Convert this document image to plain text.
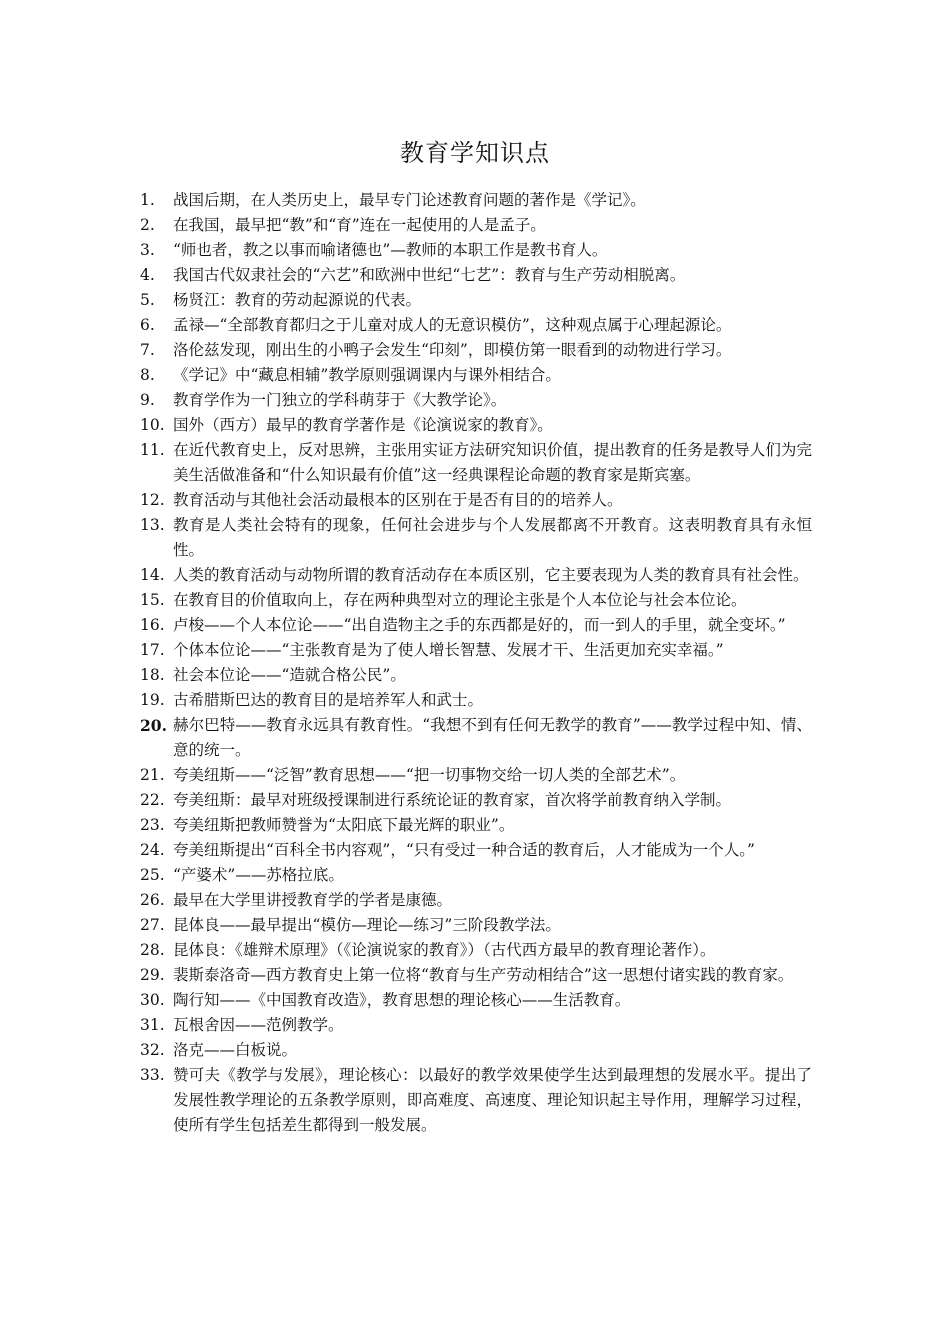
教育学知识点
1.	战国后期，在人类历史上，最早专门论述教育问题的著作是《学记》。
2.	在我国，最早把“教”和“育”连在一起使用的人是孟子。
3.	“师也者，教之以事而喻诸德也”—教师的本职工作是教书育人。
4.	我国古代奴隶社会的“六艺”和欧洲中世纪“七艺”：教育与生产劳动相脱离。
5.	杨贤江：教育的劳动起源说的代表。
6.	孟禄—“全部教育都归之于儿童对成人的无意识模仿”，这种观点属于心理起源论。
7.	洛伦兹发现，刚出生的小鸭子会发生“印刻”，即模仿第一眼看到的动物进行学习。
8.	《学记》中“藏息相辅”教学原则强调课内与课外相结合。
9.	教育学作为一门独立的学科萌芽于《大教学论》。
10. 国外（西方）最早的教育学著作是《论演说家的教育》。
11. 在近代教育史上，反对思辨，主张用实证方法研究知识价值，提出教育的任务是教导人们为完美生活做准备和“什么知识最有价值”这一经典课程论命题的教育家是斯宾塞。
12. 教育活动与其他社会活动最根本的区别在于是否有目的的培养人。
13. 教育是人类社会特有的现象，任何社会进步与个人发展都离不开教育。这表明教育具有永恒性。
14. 人类的教育活动与动物所谓的教育活动存在本质区别，它主要表现为人类的教育具有社会性。
15. 在教育目的价值取向上，存在两种典型对立的理论主张是个人本位论与社会本位论。
16. 卢梭——个人本位论——“出自造物主之手的东西都是好的，而一到人的手里，就全变坏。”
17. 个体本位论——“主张教育是为了使人增长智慧、发展才干、生活更加充实幸福。”
18. 社会本位论——“造就合格公民”。
19. 古希腊斯巴达的教育目的是培养军人和武士。
20. 赫尔巴特——教育永远具有教育性。“我想不到有任何无教学的教育”——教学过程中知、情、意的统一。
21. 夸美纽斯——“泛智”教育思想——“把一切事物交给一切人类的全部艺术”。
22. 夸美纽斯：最早对班级授课制进行系统论证的教育家，首次将学前教育纳入学制。
23. 夸美纽斯把教师赞誉为“太阳底下最光辉的职业”。
24. 夸美纽斯提出“百科全书内容观”，“只有受过一种合适的教育后，人才能成为一个人。”
25. “产婆术”——苏格拉底。
26. 最早在大学里讲授教育学的学者是康德。
27. 昆体良——最早提出“模仿—理论—练习”三阶段教学法。
28. 昆体良：《雄辩术原理》（《论演说家的教育》）（古代西方最早的教育理论著作）。
29. 裴斯泰洛奇—西方教育史上第一位将“教育与生产劳动相结合”这一思想付诸实践的教育家。
30. 陶行知——《中国教育改造》，教育思想的理论核心——生活教育。
31. 瓦根舍因——范例教学。
32. 洛克——白板说。
33. 赞可夫《教学与发展》，理论核心：以最好的教学效果使学生达到最理想的发展水平。提出了发展性教学理论的五条教学原则，即高难度、高速度、理论知识起主导作用，理解学习过程，使所有学生包括差生都得到一般发展。
